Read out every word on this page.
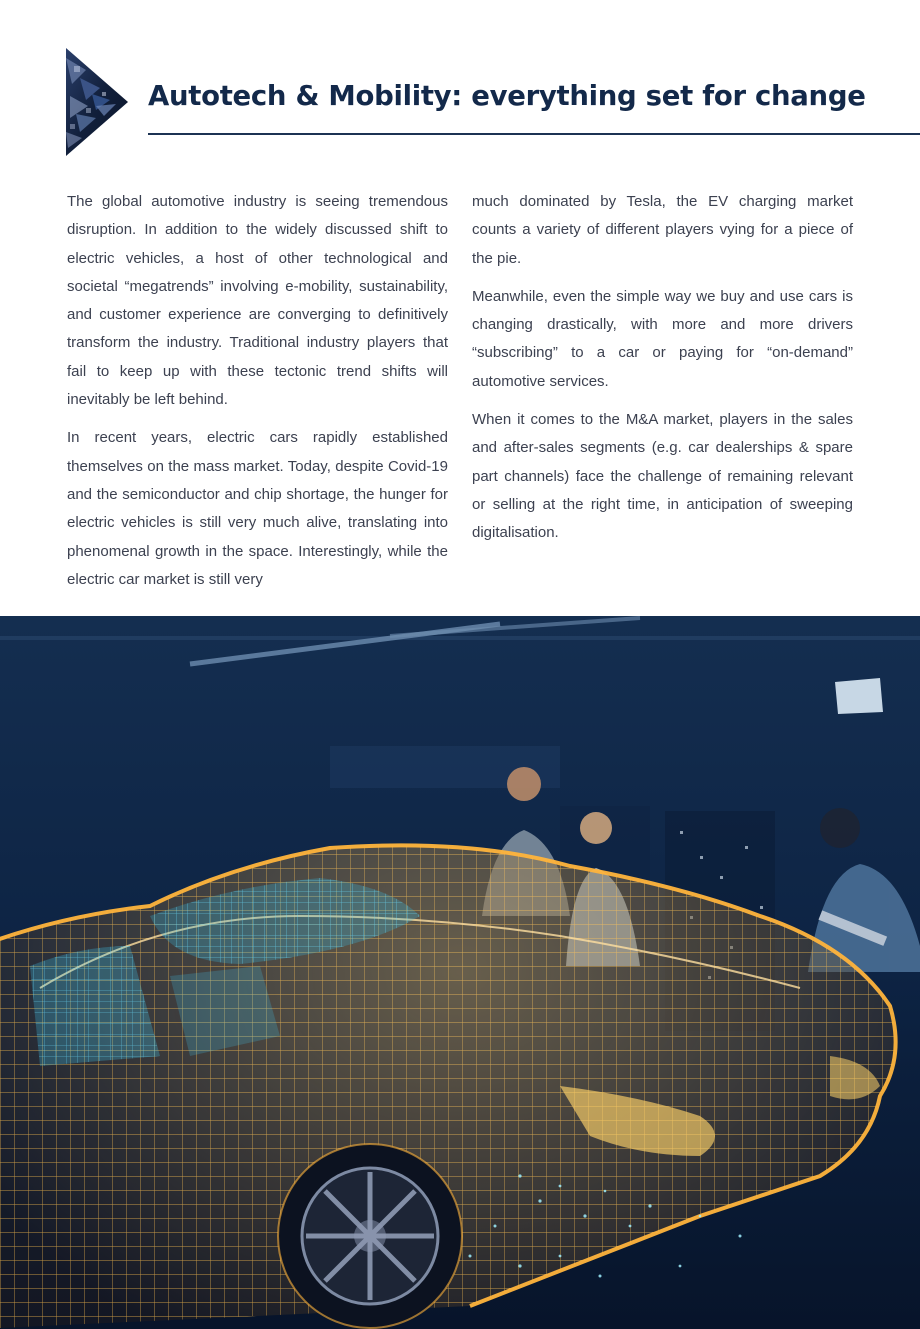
Autotech & Mobility: everything set for change

The global automotive industry is seeing tremendous disruption. In addition to the widely discussed shift to electric vehicles, a host of other technological and societal “megatrends” involving e-mobility, sustainability, and customer experience are converging to definitively transform the industry. Traditional industry players that fail to keep up with these tectonic trend shifts will inevitably be left behind.

In recent years, electric cars rapidly established themselves on the mass market. Today, despite Covid-19 and the semiconductor and chip shortage, the hunger for electric vehicles is still very much alive, translating into phenomenal growth in the space. Interestingly, while the electric car market is still very

much dominated by Tesla, the EV charging market counts a variety of different players vying for a piece of the pie.

Meanwhile, even the simple way we buy and use cars is changing drastically, with more and more drivers “subscribing” to a car or paying for “on-demand” automotive services.

When it comes to the M&A market, players in the sales and after-sales segments (e.g. car dealerships & spare part channels) face the challenge of remaining relevant or selling at the right time, in anticipation of sweeping digitalisation.
